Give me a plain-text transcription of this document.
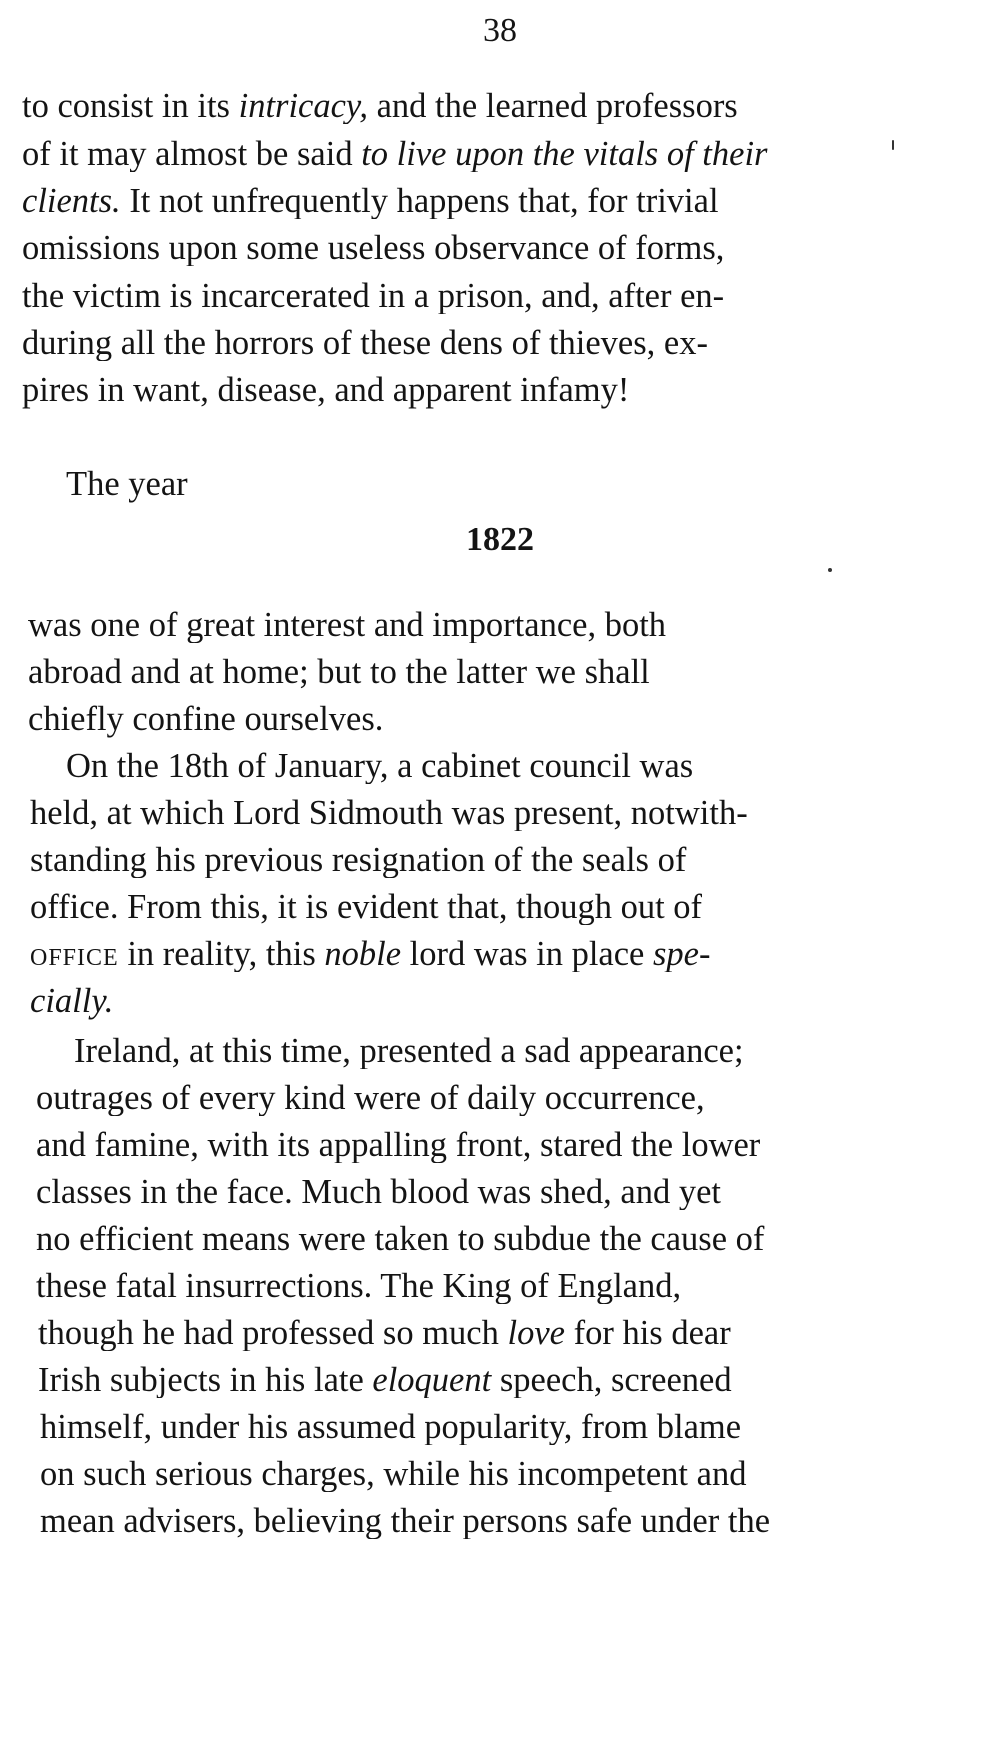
38
to consist in its intricacy, and the learned professors
of it may almost be said to live upon the vitals of their
clients. It not unfrequently happens that, for trivial
omissions upon some useless observance of forms,
the victim is incarcerated in a prison, and, after en-
during all the horrors of these dens of thieves, ex-
pires in want, disease, and apparent infamy!
The year
1822
was one of great interest and importance, both
abroad and at home; but to the latter we shall
chiefly confine ourselves.
On the 18th of January, a cabinet council was
held, at which Lord Sidmouth was present, notwith-
standing his previous resignation of the seals of
office. From this, it is evident that, though out of
office in reality, this noble lord was in place spe-
cially.
Ireland, at this time, presented a sad appearance;
outrages of every kind were of daily occurrence,
and famine, with its appalling front, stared the lower
classes in the face. Much blood was shed, and yet
no efficient means were taken to subdue the cause of
these fatal insurrections. The King of England,
though he had professed so much love for his dear
Irish subjects in his late eloquent speech, screened
himself, under his assumed popularity, from blame
on such serious charges, while his incompetent and
mean advisers, believing their persons safe under the
